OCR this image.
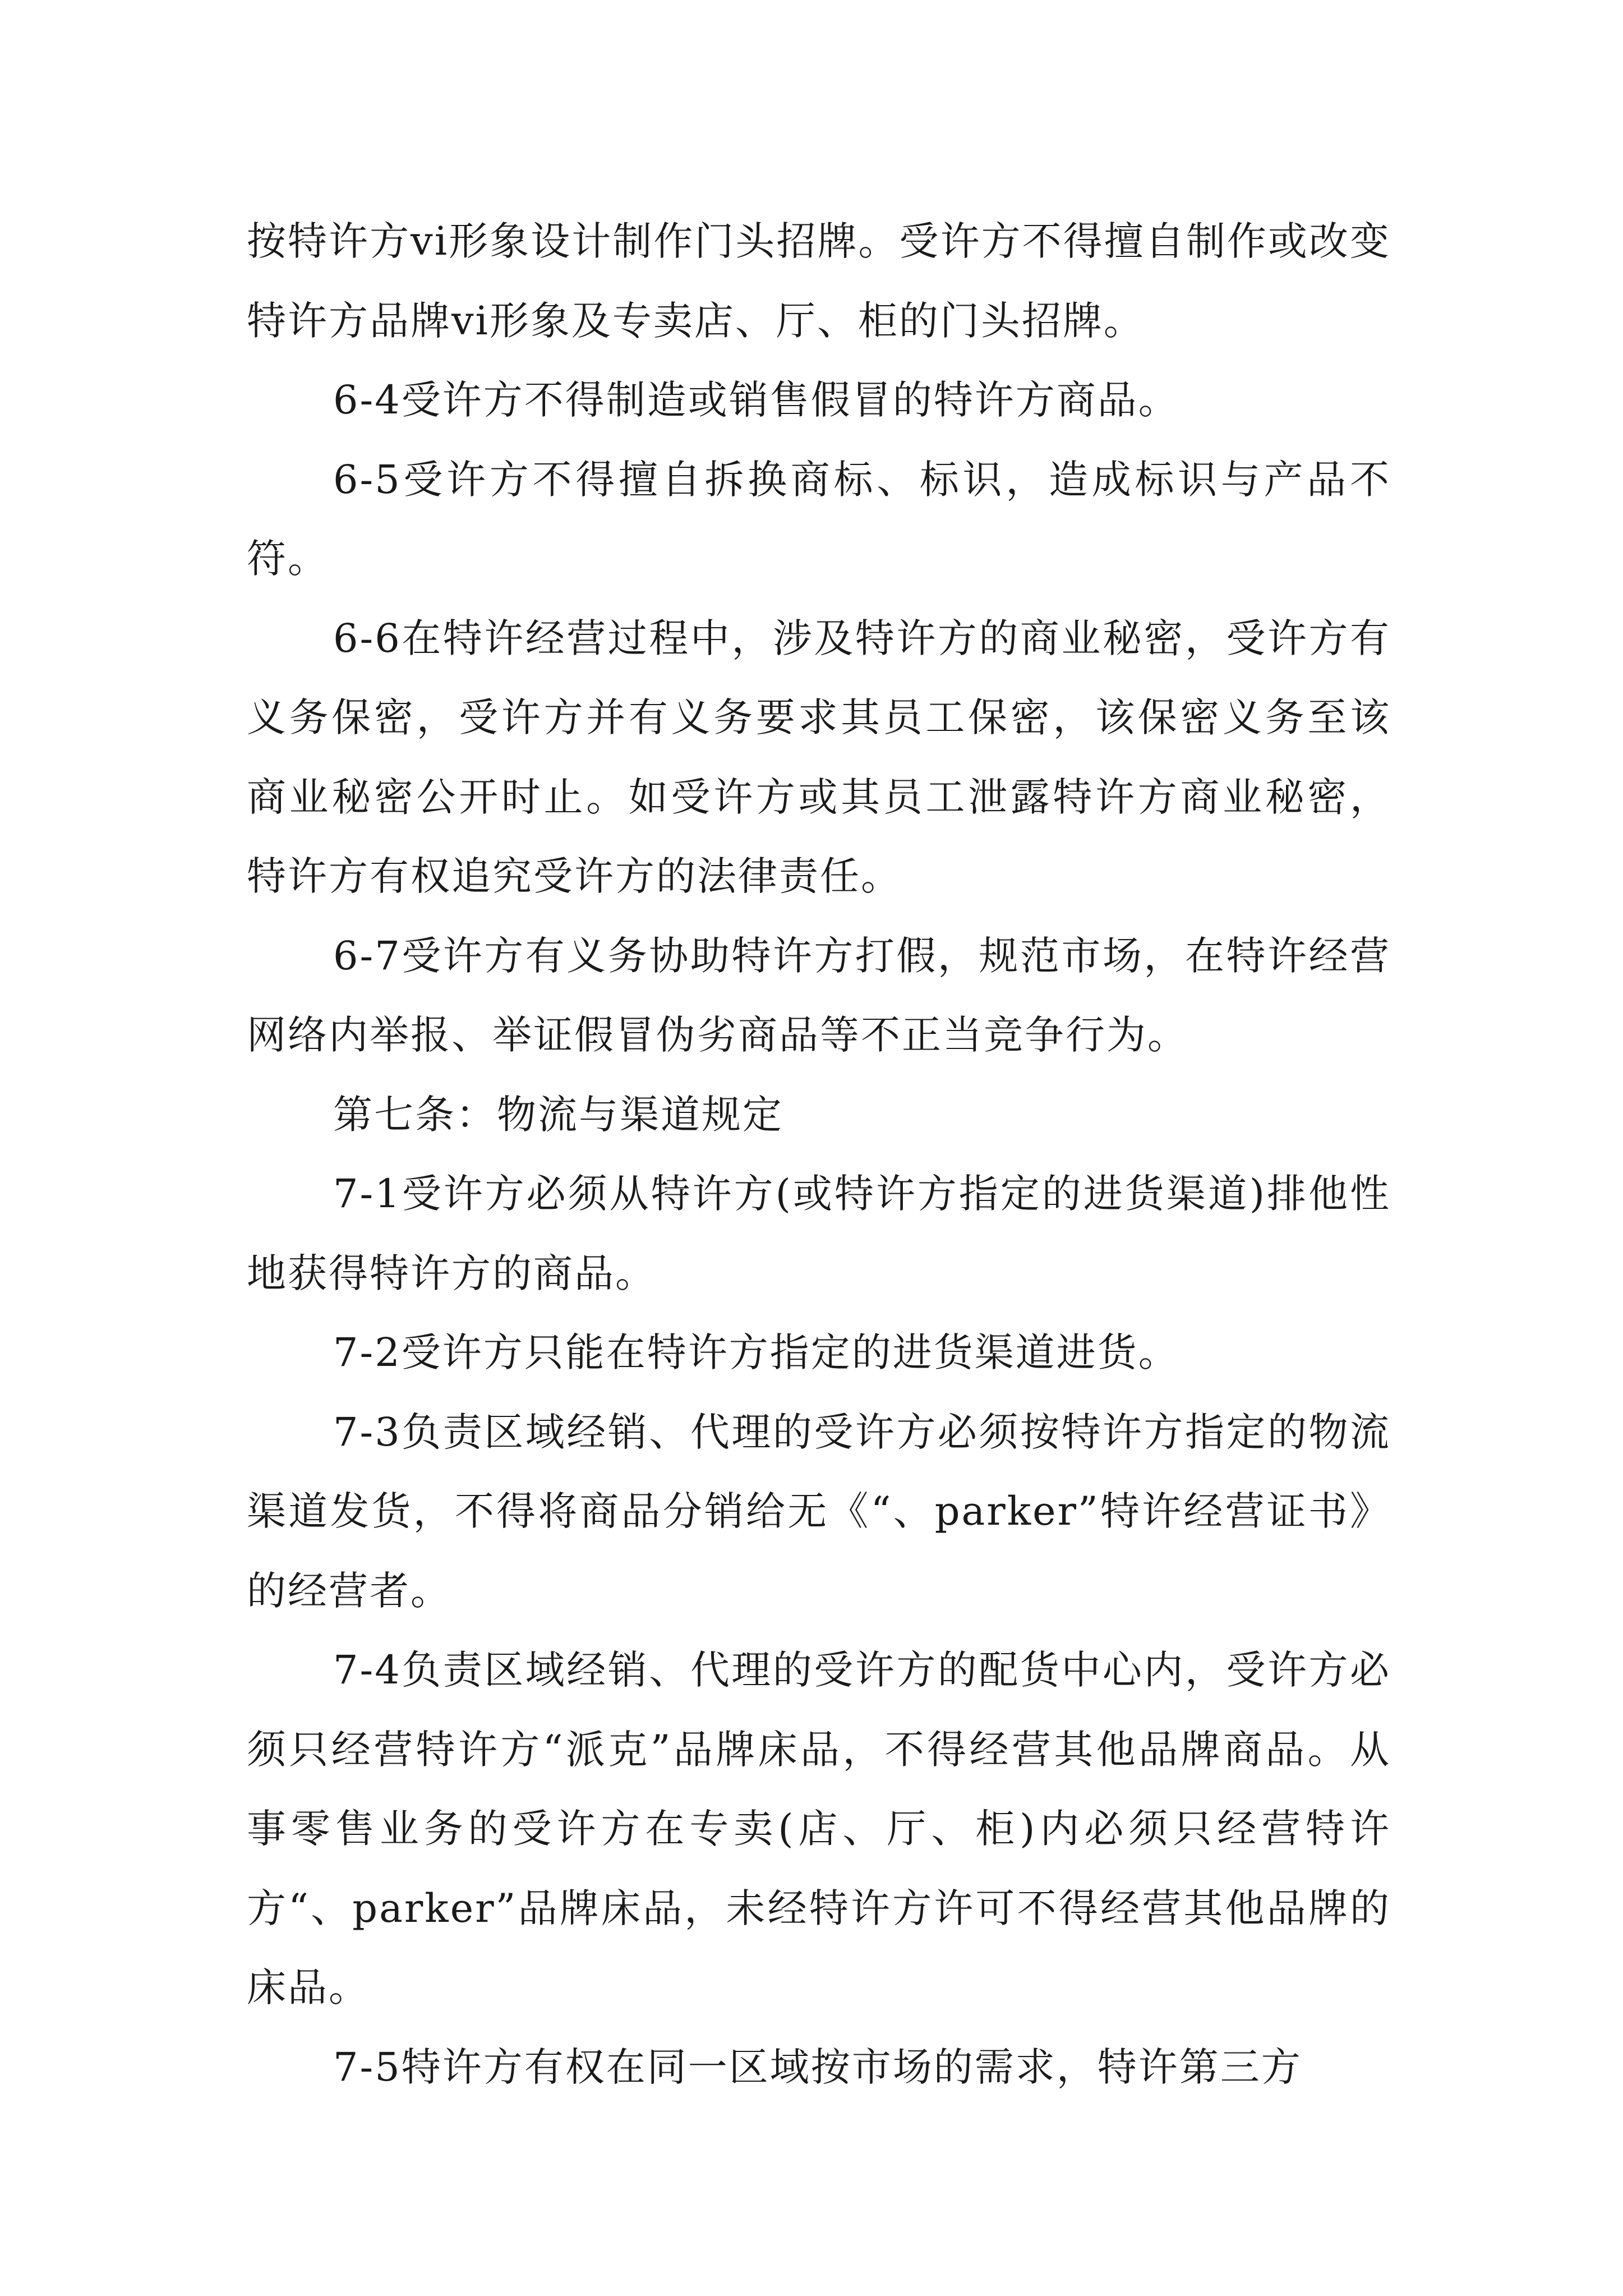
按特许方vi形象设计制作门头招牌。受许方不得擅自制作或改变特许方品牌vi形象及专卖店、厅、柜的门头招牌。

6-4受许方不得制造或销售假冒的特许方商品。

6-5受许方不得擅自拆换商标、标识，造成标识与产品不符。

6-6在特许经营过程中，涉及特许方的商业秘密，受许方有义务保密，受许方并有义务要求其员工保密，该保密义务至该商业秘密公开时止。如受许方或其员工泄露特许方商业秘密，特许方有权追究受许方的法律责任。

6-7受许方有义务协助特许方打假，规范市场，在特许经营网络内举报、举证假冒伪劣商品等不正当竞争行为。

第七条：物流与渠道规定

7-1受许方必须从特许方(或特许方指定的进货渠道)排他性地获得特许方的商品。

7-2受许方只能在特许方指定的进货渠道进货。

7-3负责区域经销、代理的受许方必须按特许方指定的物流渠道发货，不得将商品分销给无《“、parker”特许经营证书》的经营者。

7-4负责区域经销、代理的受许方的配货中心内，受许方必须只经营特许方“派克”品牌床品，不得经营其他品牌商品。从事零售业务的受许方在专卖(店、厅、柜)内必须只经营特许方“、parker”品牌床品，未经特许方许可不得经营其他品牌的床品。

7-5特许方有权在同一区域按市场的需求，特许第三方
